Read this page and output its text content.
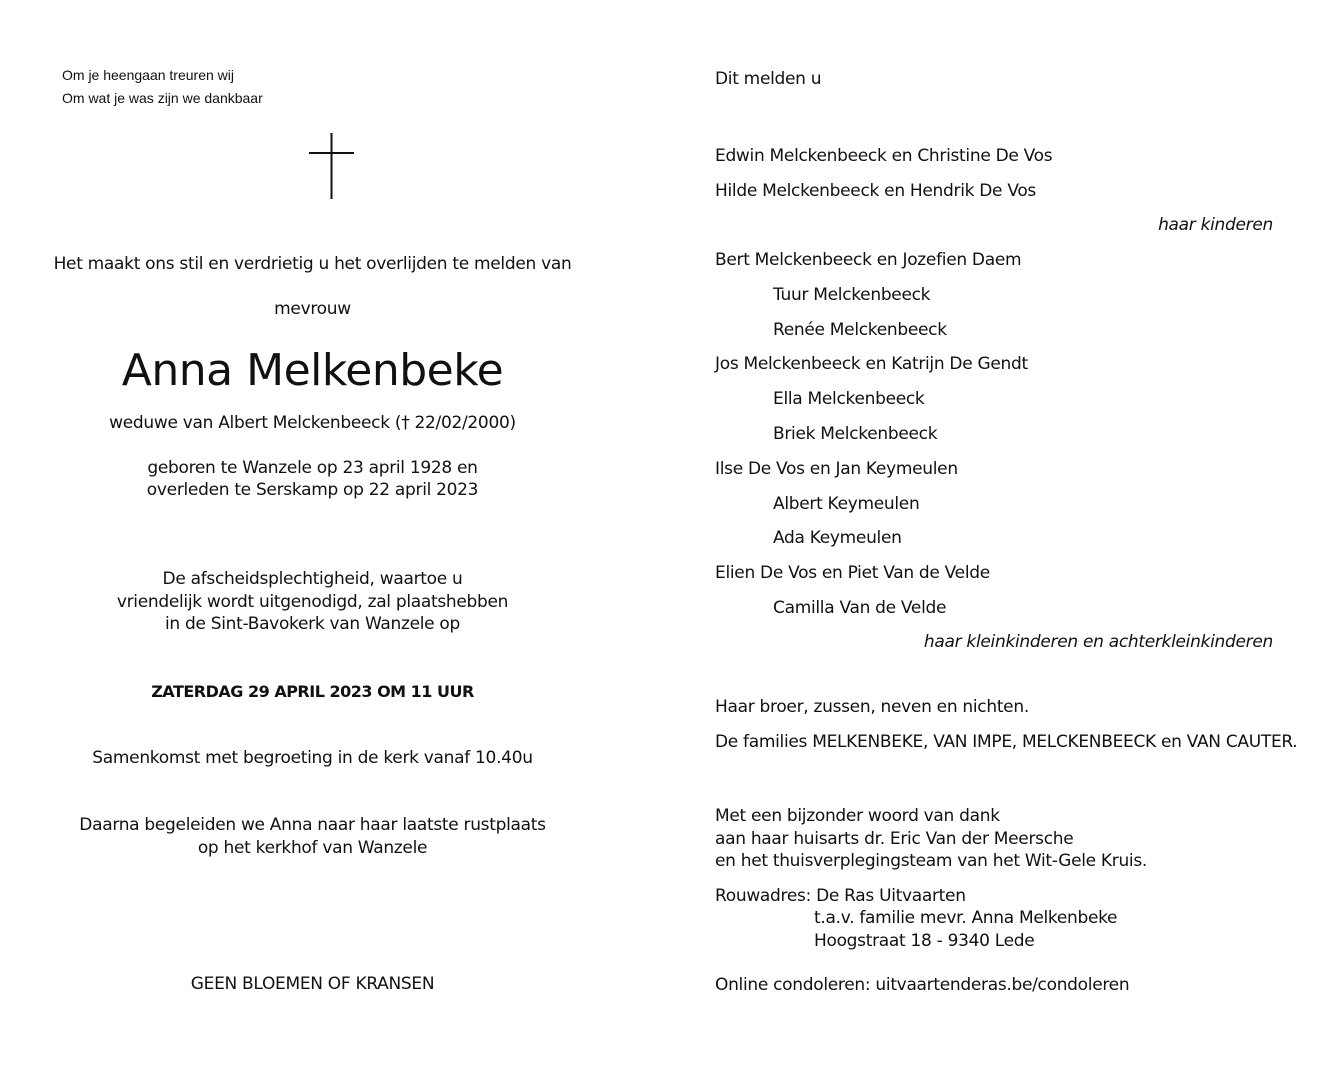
Om je heengaan treuren wij
Om wat je was zijn we dankbaar
Het maakt ons stil en verdrietig u het overlijden te melden van
mevrouw
Anna Melkenbeke
weduwe van Albert Melckenbeeck († 22/02/2000)
geboren te Wanzele op 23 april 1928 en
overleden te Serskamp op 22 april 2023
De afscheidsplechtigheid, waartoe u
vriendelijk wordt uitgenodigd, zal plaatshebben
in de Sint-Bavokerk van Wanzele op
ZATERDAG 29 APRIL 2023 OM 11 UUR
Samenkomst met begroeting in de kerk vanaf 10.40u
Daarna begeleiden we Anna naar haar laatste rustplaats
op het kerkhof van Wanzele
GEEN BLOEMEN OF KRANSEN
Dit melden u
Edwin Melckenbeeck en Christine De Vos
Hilde Melckenbeeck en Hendrik De Vos
haar kinderen
Bert Melckenbeeck en Jozefien Daem
Tuur Melckenbeeck
Renée Melckenbeeck
Jos Melckenbeeck en Katrijn De Gendt
Ella Melckenbeeck
Briek Melckenbeeck
Ilse De Vos en Jan Keymeulen
Albert Keymeulen
Ada Keymeulen
Elien De Vos en Piet Van de Velde
Camilla Van de Velde
haar kleinkinderen en achterkleinkinderen
Haar broer, zussen, neven en nichten.
De families MELKENBEKE, VAN IMPE, MELCKENBEECK en VAN CAUTER.
Met een bijzonder woord van dank
aan haar huisarts dr. Eric Van der Meersche
en het thuisverplegingsteam van het Wit-Gele Kruis.
Rouwadres: De Ras Uitvaarten
t.a.v. familie mevr. Anna Melkenbeke
Hoogstraat 18 - 9340 Lede
Online condoleren: uitvaartenderas.be/condoleren
